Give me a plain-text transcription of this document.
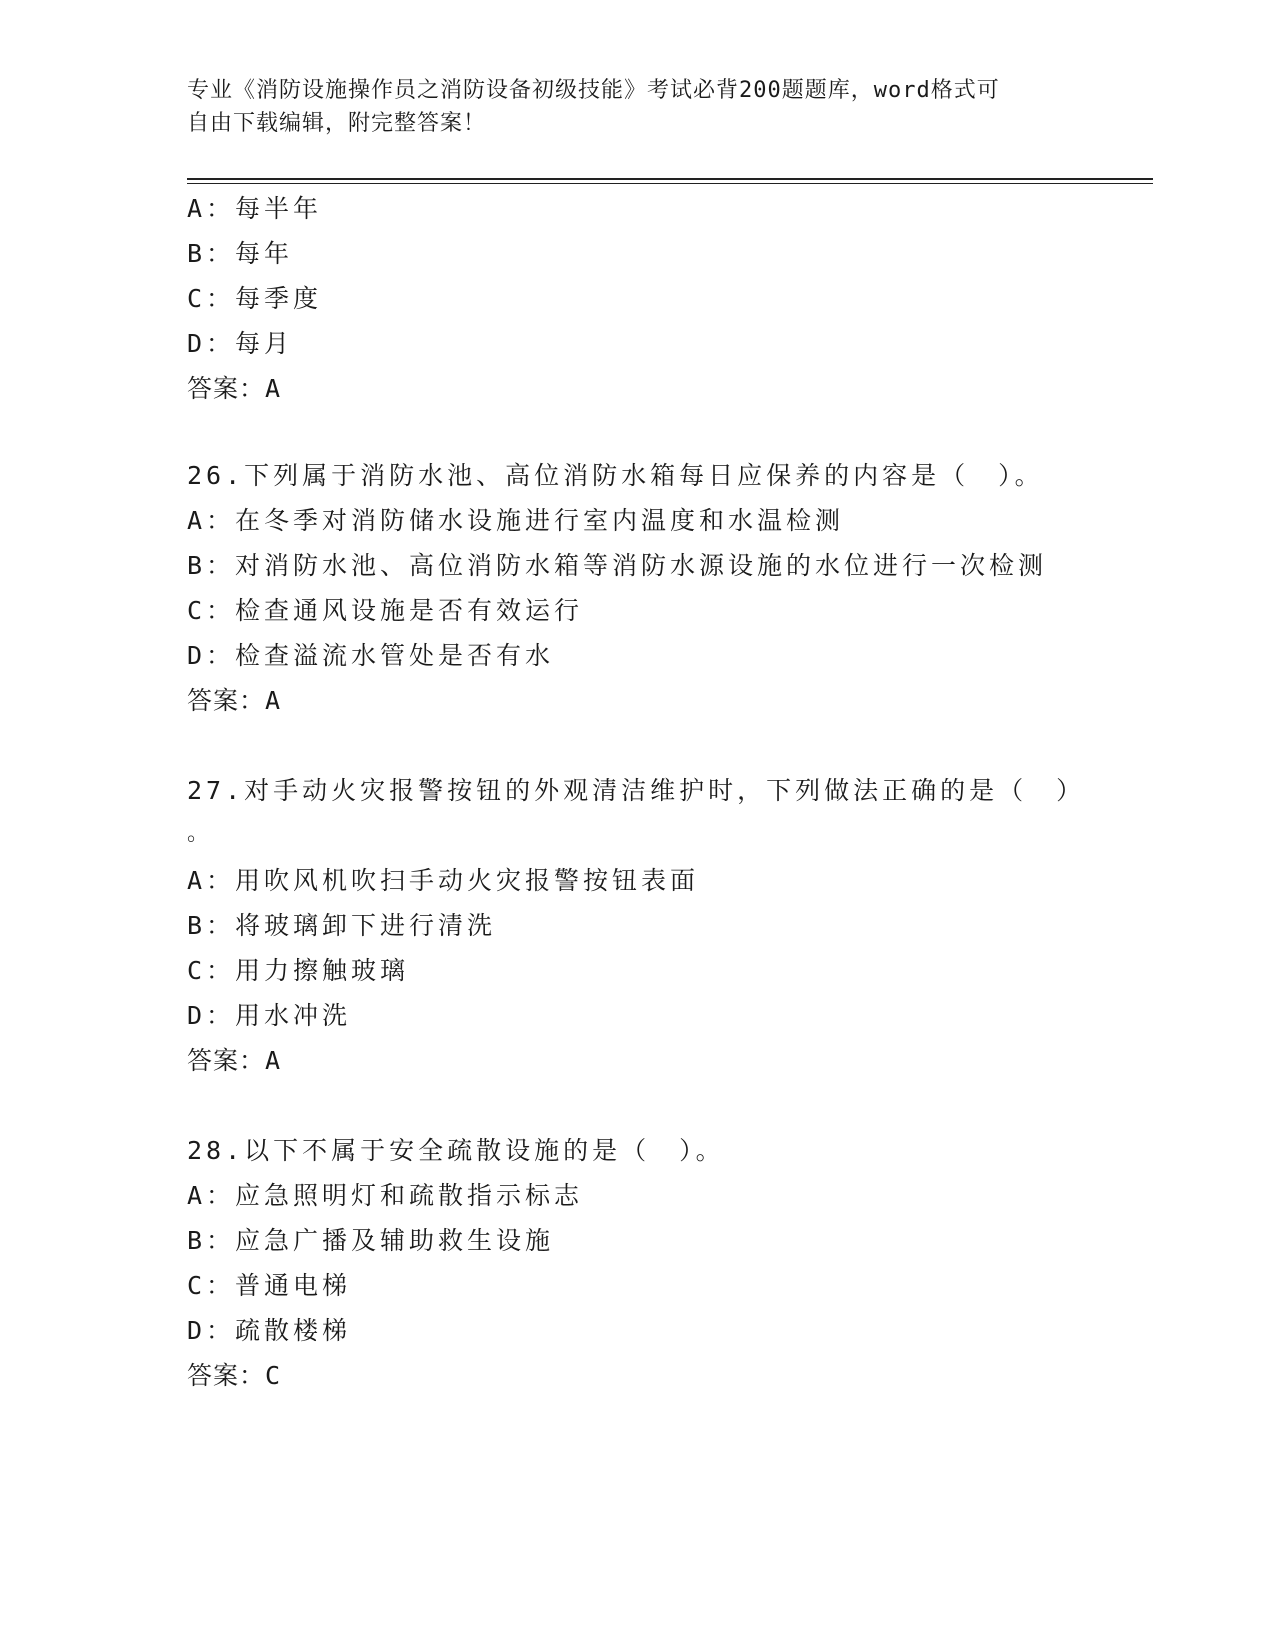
专业《消防设施操作员之消防设备初级技能》考试必背200题题库，word格式可
自由下载编辑，附完整答案！
A：每半年
B：每年
C：每季度
D：每月
答案：A
26.下列属于消防水池、高位消防水箱每日应保养的内容是（　）。
A：在冬季对消防储水设施进行室内温度和水温检测
B：对消防水池、高位消防水箱等消防水源设施的水位进行一次检测
C：检查通风设施是否有效运行
D：检查溢流水管处是否有水
答案：A
27.对手动火灾报警按钮的外观清洁维护时，下列做法正确的是（　）
。
A：用吹风机吹扫手动火灾报警按钮表面
B：将玻璃卸下进行清洗
C：用力擦触玻璃
D：用水冲洗
答案：A
28.以下不属于安全疏散设施的是（　）。
A：应急照明灯和疏散指示标志
B：应急广播及辅助救生设施
C：普通电梯
D：疏散楼梯
答案：C
